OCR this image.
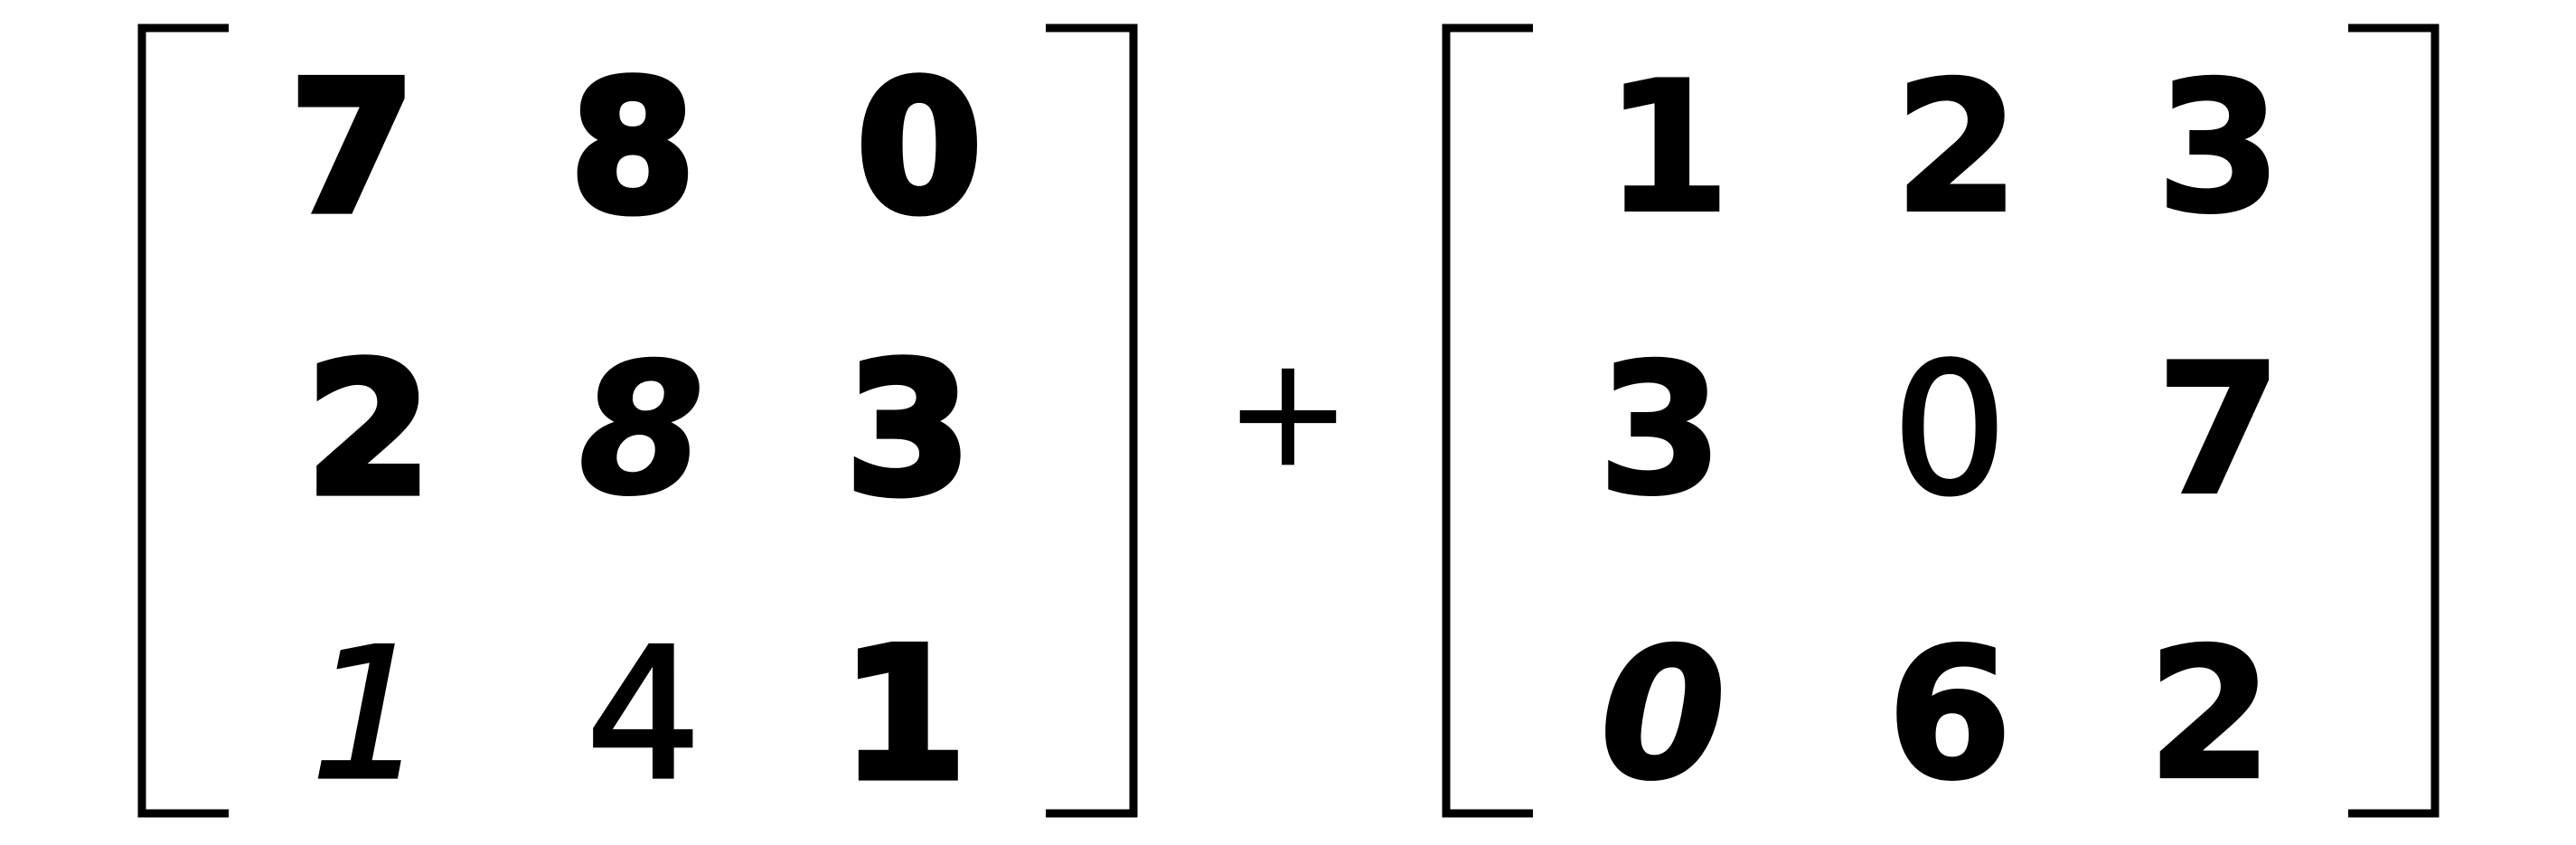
7 8 0
2 8 3
1 4 1
+
1 2 3
3 0 7
0 6 2
